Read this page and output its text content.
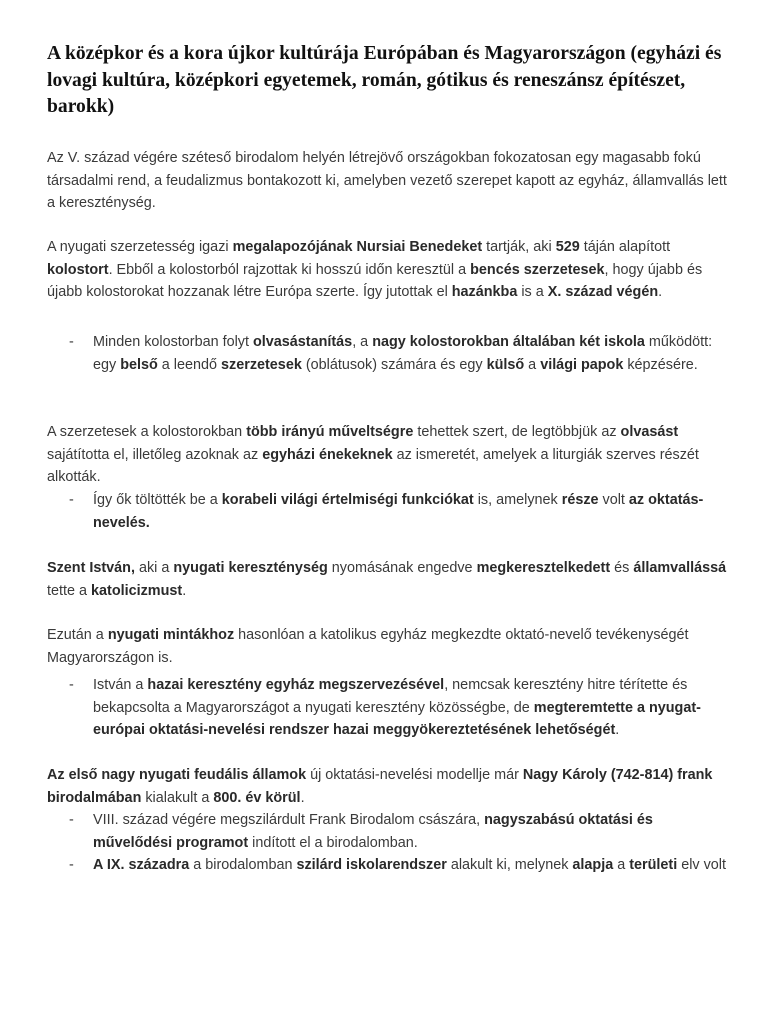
A középkor és a kora újkor kultúrája Európában és Magyarországon (egyházi és lovagi kultúra, középkori egyetemek, román, gótikus és reneszánsz építészet, barokk)

Az V. század végére széteső birodalom helyén létrejövő országokban fokozatosan egy magasabb fokú társadalmi rend, a feudalizmus bontakozott ki, amelyben vezető szerepet kapott az egyház, államvallás lett a kereszténység.

A nyugati szerzetesség igazi megalapozójának Nursiai Benedeket tartják, aki 529 táján alapított kolostort. Ebből a kolostorból rajzottak ki hosszú időn keresztül a bencés szerzetesek, hogy újabb és újabb kolostorokat hozzanak létre Európa szerte. Így jutottak el hazánkba is a X. század végén.

- Minden kolostorban folyt olvasástanítás, a nagy kolostorokban általában két iskola működött: egy belső a leendő szerzetesek (oblátusok) számára és egy külső a világi papok képzésére.

A szerzetesek a kolostorokban több irányú műveltségre tehettek szert, de legtöbbjük az olvasást sajátította el, illetőleg azoknak az egyházi énekeknek az ismeretét, amelyek a liturgiák szerves részét alkották.

- Így ők töltötték be a korabeli világi értelmiségi funkciókat is, amelynek része volt az oktatás-nevelés.

Szent István, aki a nyugati kereszténység nyomásának engedve megkeresztelkedett és államvallássá tette a katolicizmust.

Ezután a nyugati mintákhoz hasonlóan a katolikus egyház megkezdte oktató-nevelő tevékenységét Magyarországon is.

- István a hazai keresztény egyház megszervezésével, nemcsak keresztény hitre térítette és bekapcsolta a Magyarországot a nyugati keresztény közösségbe, de megteremtette a nyugat-európai oktatási-nevelési rendszer hazai meggyökereztetésének lehetőségét.

Az első nagy nyugati feudális államok új oktatási-nevelési modellje már Nagy Károly (742-814) frank birodalmában kialakult a 800. év körül.

- VIII. század végére megszilárdult Frank Birodalom császára, nagyszabású oktatási és művelődési programot indított el a birodalomban.

- A IX. századra a birodalomban szilárd iskolarendszer alakult ki, melynek alapja a területi elv volt
